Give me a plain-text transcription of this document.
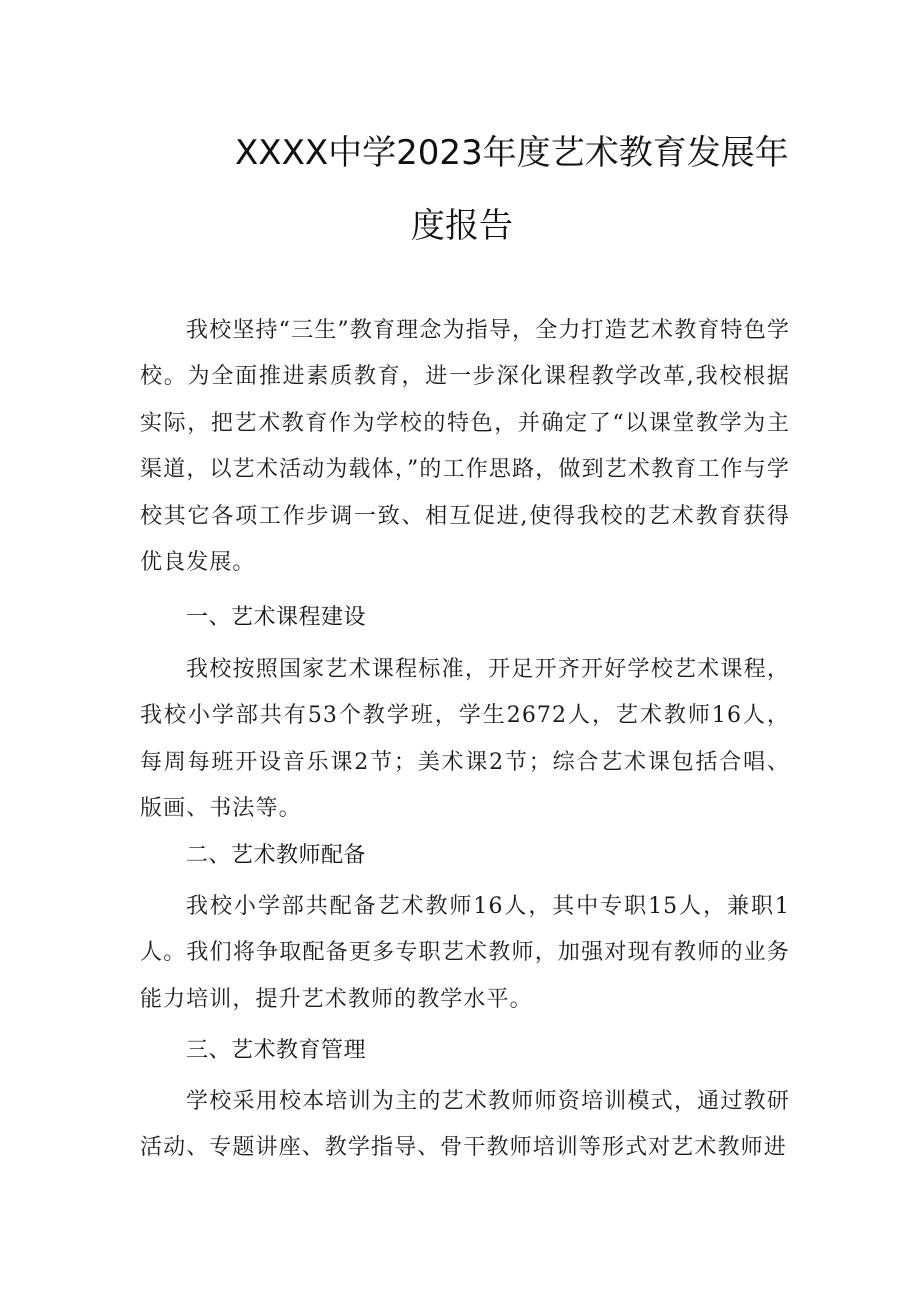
XXXX中学2023年度艺术教育发展年
度报告

我校坚持“三生”教育理念为指导，全力打造艺术教育特色学校。为全面推进素质教育，进一步深化课程教学改革,我校根据实际，把艺术教育作为学校的特色，并确定了“以课堂教学为主渠道，以艺术活动为载体，”的工作思路，做到艺术教育工作与学校其它各项工作步调一致、相互促进,使得我校的艺术教育获得优良发展。

一、艺术课程建设

我校按照国家艺术课程标准，开足开齐开好学校艺术课程，我校小学部共有53个教学班，学生2672人，艺术教师16人，每周每班开设音乐课2节；美术课2节；综合艺术课包括合唱、版画、书法等。

二、艺术教师配备

我校小学部共配备艺术教师16人，其中专职15人，兼职1人。我们将争取配备更多专职艺术教师，加强对现有教师的业务能力培训，提升艺术教师的教学水平。

三、艺术教育管理

学校采用校本培训为主的艺术教师师资培训模式，通过教研活动、专题讲座、教学指导、骨干教师培训等形式对艺术教师进
